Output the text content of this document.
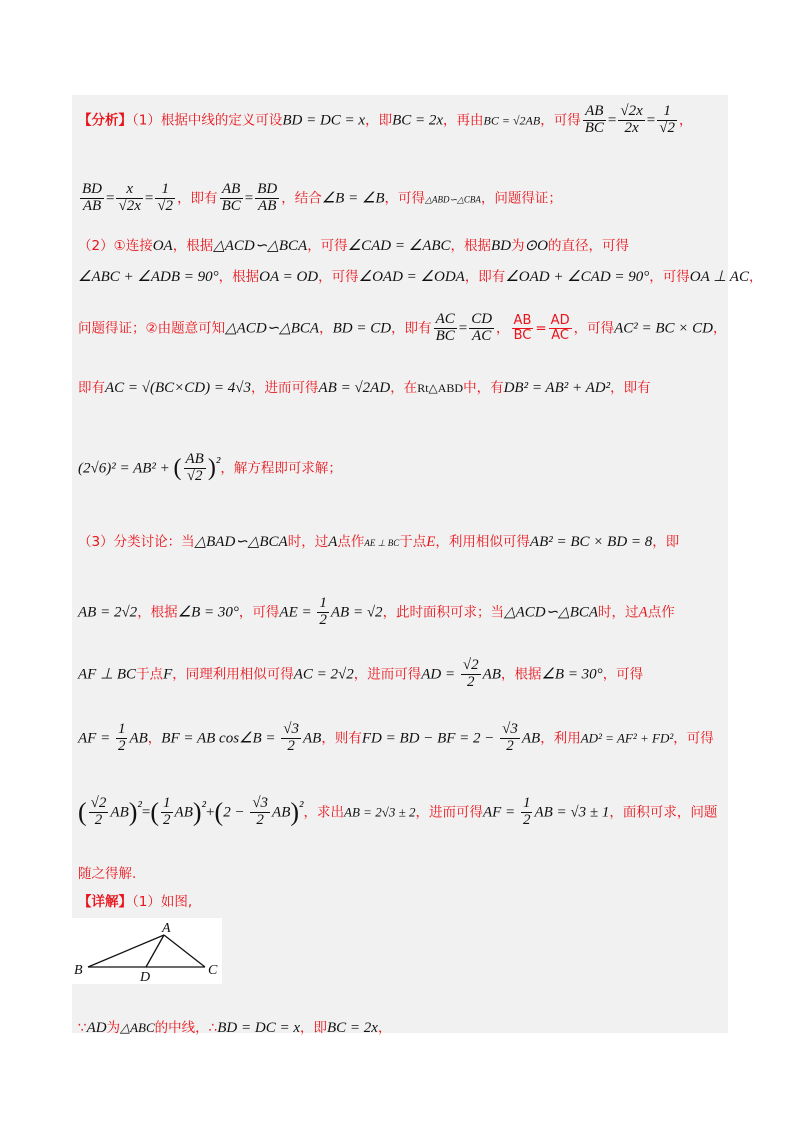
【分析】（1）根据中线的定义可设BD = DC = x，即BC = 2x，再由BC = √2AB，可得 $\frac{AB}{BC} = \frac{√2x}{2x} = \frac{1}{√2}$ ，
$\frac{BD}{AB} = \frac{x}{√2x} = \frac{1}{√2}$ ，即有 $\frac{AB}{BC} = \frac{BD}{AB}$ ，结合∠B = ∠B，可得△ABD∽△CBA，问题得证；
（2）①连接OA，根据△ACD∽△BCA，可得∠CAD = ∠ABC，根据BD为⊙O的直径，可得
∠ABC + ∠ADB = 90°，根据OA = OD，可得∠OAD = ∠ODA，即有∠OAD + ∠CAD = 90°，可得OA ⊥ AC，
问题得证；②由题意可知△ACD∽△BCA，BD = CD，即有 $\frac{AC}{BC} = \frac{CD}{AC}$ ， $\frac{AB}{BC} = \frac{AD}{AC}$ ，可得AC² = BC × CD，
即有AC = √(BC×CD) = 4√3，进而可得AB = √2AD，在Rt△ABD中，有DB² = AB² + AD²，即有
(2√6)² = AB² + ( $\frac{AB}{√2} )^{^2}$，解方程即可求解；
（3）分类讨论：当△BAD∽△BCA时，过A点作AE ⊥ BC于点E，利用相似可得AB² = BC × BD = 8，即
AB = 2√2，根据∠B = 30°，可得AE = $\frac{1}{2}$ AB = √2，此时面积可求；当△ACD∽△BCA时，过A点作
AF ⊥ BC于点F，同理利用相似可得AC = 2√2，进而可得AD = $\frac{√2}{2}$ AB，根据∠B = 30°，可得
AF = $\frac{1}{2}$ AB，BF = AB cos∠B = $\frac{√3}{2}$ AB，则有FD = BD − BF = $2 - \frac{√3}{2}$ AB，利用AD² = AF² + FD²，可得
( $\frac{√2}{2} AB)^{^2}=( \frac{1}{2} AB)^{^2}+(2 - \frac{√3}{2} AB)^{^2}$，求出AB = 2√3 ± 2，进而可得AF = $\frac{1}{2}$ AB = √3 ± 1，面积可求，问题
随之得解.
【详解】（1）如图,
A
B	C
D
∵AD为△ABC的中线，∴BD = DC = x，即BC = 2x，
